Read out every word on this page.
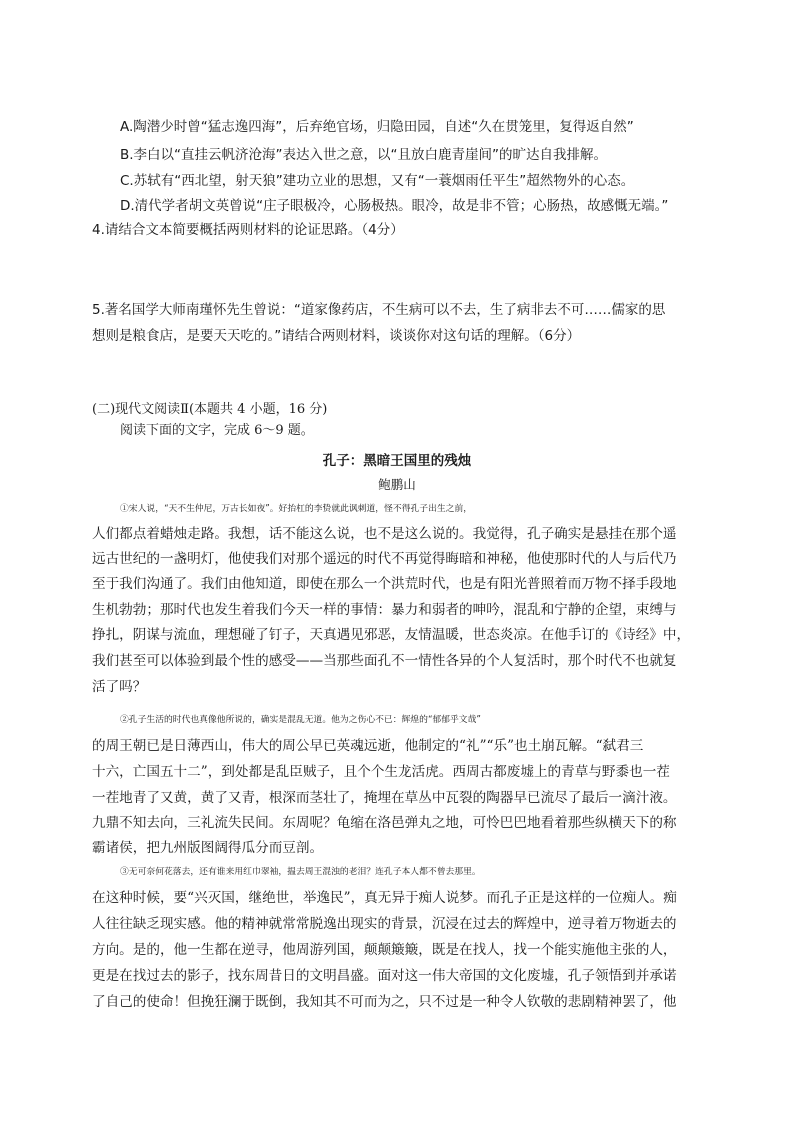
A.陶潜少时曾“猛志逸四海”，后弃绝官场，归隐田园，自述“久在贯笼里，复得返自然”
B.李白以“直挂云帆济沧海”表达入世之意，以“且放白鹿青崖间”的旷达自我排解。
C.苏轼有“西北望，射天狼”建功立业的思想，又有“一蓑烟雨任平生”超然物外的心态。
D.清代学者胡文英曾说“庄子眼极冷，心肠极热。眼冷，故是非不管；心肠热，故感慨无端。”
4.请结合文本简要概括两则材料的论证思路。（4分）
5.著名国学大师南瑾怀先生曾说：“道家像药店，不生病可以不去，生了病非去不可……儒家的思
想则是粮食店，是要天天吃的。”请结合两则材料，谈谈你对这句话的理解。（6分）
(二)现代文阅读Ⅱ(本题共 4 小题，16 分)
阅读下面的文字，完成 6～9 题。
孔子：黑暗王国里的残烛
鲍鹏山
①宋人说，“天不生仲尼，万古长如夜”。好抬杠的李贽就此讽刺道，怪不得孔子出生之前，
人们都点着蜡烛走路。我想，话不能这么说，也不是这么说的。我觉得，孔子确实是悬挂在那个遥
远古世纪的一盏明灯，他使我们对那个遥远的时代不再觉得晦暗和神秘，他使那时代的人与后代乃
至于我们沟通了。我们由他知道，即使在那么一个洪荒时代，也是有阳光普照着而万物不择手段地
生机勃勃；那时代也发生着我们今天一样的事情：暴力和弱者的呻吟，混乱和宁静的企望，束缚与
挣扎，阴谋与流血，理想碰了钉子，天真遇见邪恶，友情温暖，世态炎凉。在他手订的《诗经》中，
我们甚至可以体验到最个性的感受——当那些面孔不一情性各异的个人复活时，那个时代不也就复
活了吗？
②孔子生活的时代也真像他所说的，确实是混乱无道。他为之伤心不已：辉煌的“郁郁乎文哉”
的周王朝已是日薄西山，伟大的周公早已英魂远逝，他制定的“礼”“乐”也土崩瓦解。“弑君三
十六，亡国五十二”，到处都是乱臣贼子，且个个生龙活虎。西周古都废墟上的青草与野黍也一茬
一茬地青了又黄，黄了又青，根深而茎壮了，掩埋在草丛中瓦裂的陶器早已流尽了最后一滴汁液。
九鼎不知去向，三礼流失民间。东周呢？龟缩在洛邑弹丸之地，可怜巴巴地看着那些纵横天下的称
霸诸侯，把九州版图阔得瓜分而豆剖。
③无可奈何花落去，还有谁来用红巾翠袖，揾去周王混浊的老泪？连孔子本人都不曾去那里。
在这种时候，要“兴灭国，继绝世，举逸民”，真无异于痴人说梦。而孔子正是这样的一位痴人。痴
人往往缺乏现实感。他的精神就常常脱逸出现实的背景，沉浸在过去的辉煌中，逆寻着万物逝去的
方向。是的，他一生都在逆寻，他周游列国，颠颠簸簸，既是在找人，找一个能实施他主张的人，
更是在找过去的影子，找东周昔日的文明昌盛。面对这一伟大帝国的文化废墟，孔子领悟到并承诺
了自己的使命！但挽狂澜于既倒，我知其不可而为之，只不过是一种令人钦敬的悲剧精神罢了，他
